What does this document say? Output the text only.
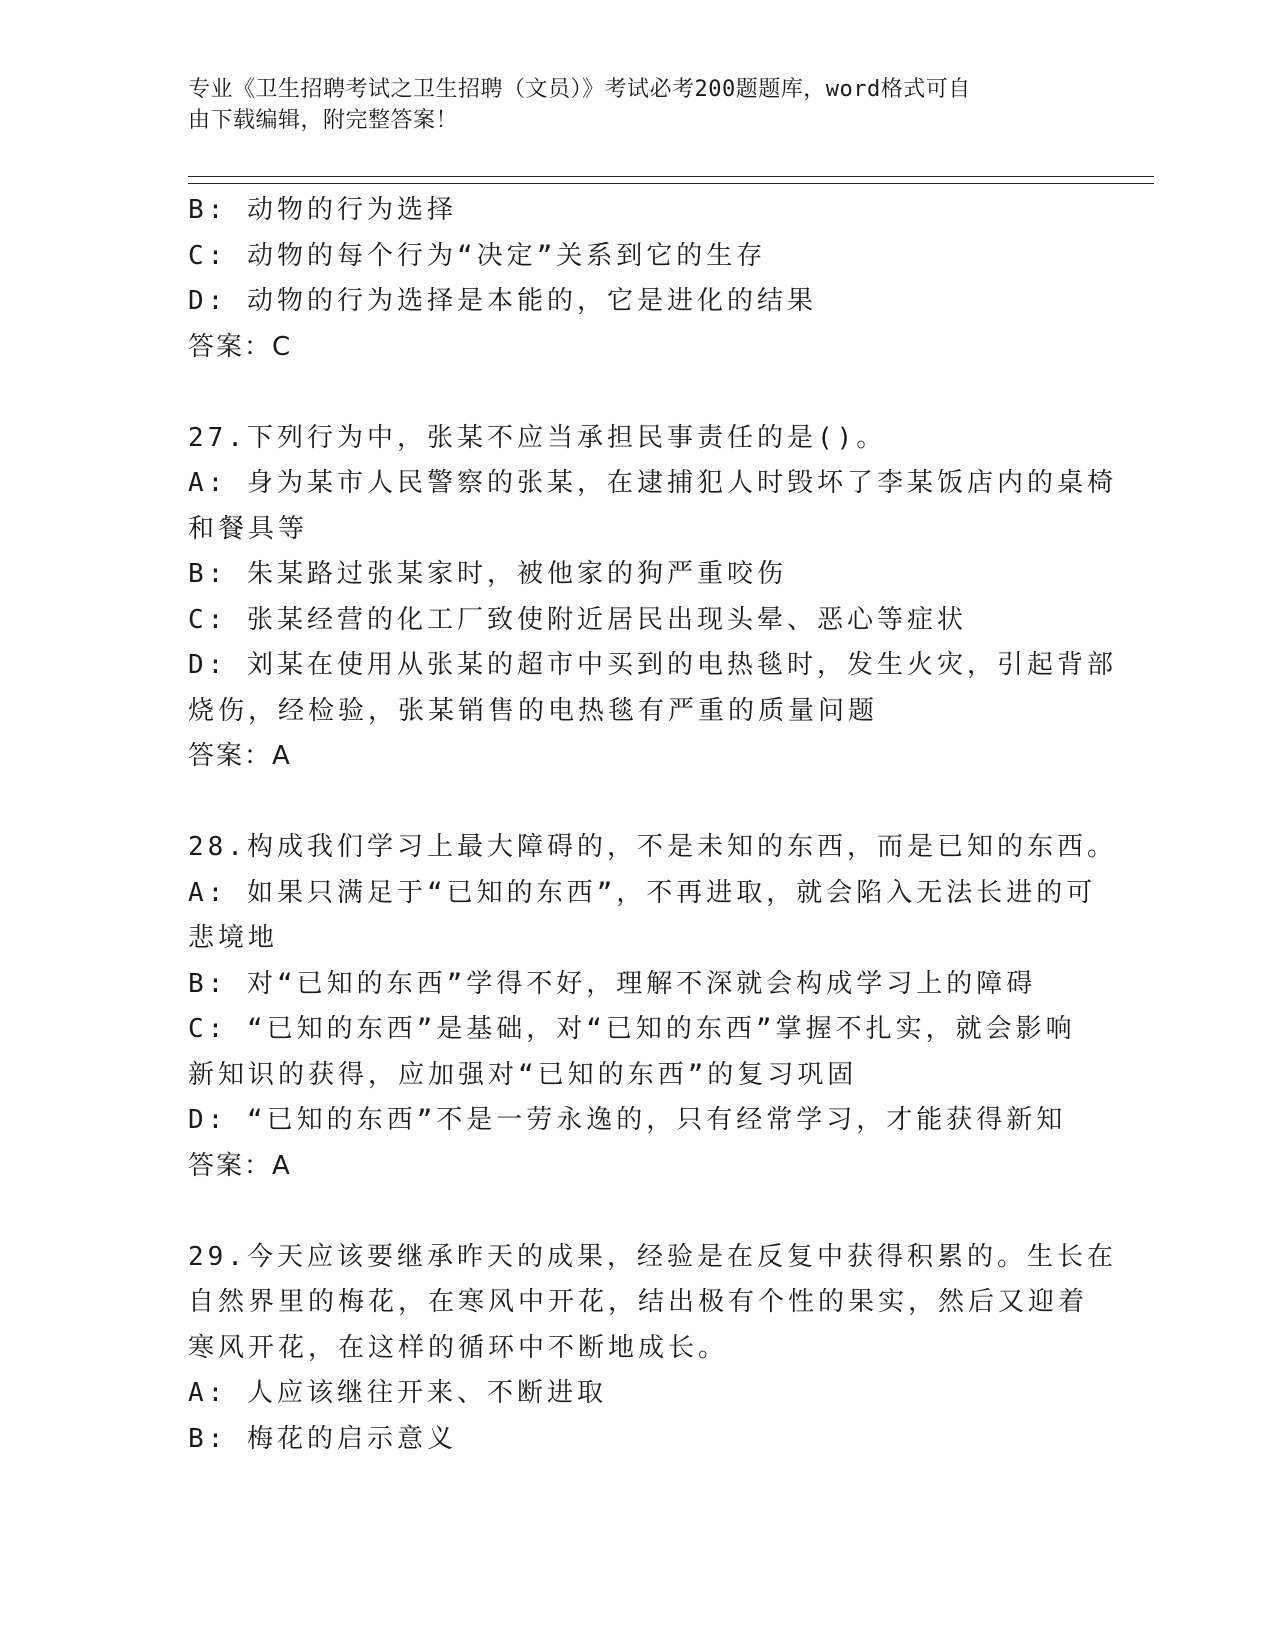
专业《卫生招聘考试之卫生招聘（文员）》考试必考200题题库，word格式可自
由下载编辑，附完整答案！
B: 动物的行为选择
C: 动物的每个行为“决定”关系到它的生存
D: 动物的行为选择是本能的，它是进化的结果
答案：C
27.下列行为中，张某不应当承担民事责任的是()。
A: 身为某市人民警察的张某，在逮捕犯人时毁坏了李某饭店内的桌椅
和餐具等
B: 朱某路过张某家时，被他家的狗严重咬伤
C: 张某经营的化工厂致使附近居民出现头晕、恶心等症状
D: 刘某在使用从张某的超市中买到的电热毯时，发生火灾，引起背部
烧伤，经检验，张某销售的电热毯有严重的质量问题
答案：A
28.构成我们学习上最大障碍的，不是未知的东西，而是已知的东西。
A: 如果只满足于“已知的东西”，不再进取，就会陷入无法长进的可
悲境地
B: 对“已知的东西”学得不好，理解不深就会构成学习上的障碍
C: “已知的东西”是基础，对“已知的东西”掌握不扎实，就会影响
新知识的获得，应加强对“已知的东西”的复习巩固
D: “已知的东西”不是一劳永逸的，只有经常学习，才能获得新知
答案：A
29.今天应该要继承昨天的成果，经验是在反复中获得积累的。生长在
自然界里的梅花，在寒风中开花，结出极有个性的果实，然后又迎着
寒风开花，在这样的循环中不断地成长。
A: 人应该继往开来、不断进取
B: 梅花的启示意义
